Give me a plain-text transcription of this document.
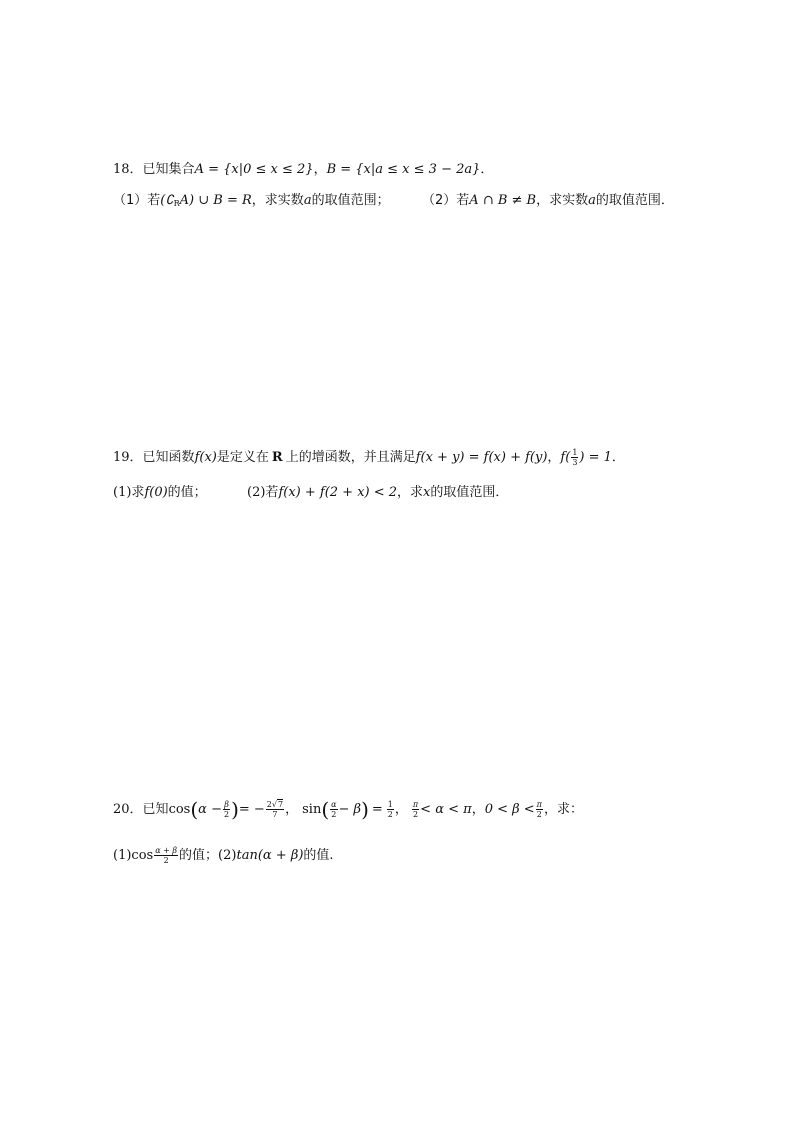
18．已知集合A = {x|0 ≤ x ≤ 2}，B = {x|a ≤ x ≤ 3 − 2a}．
（1）若$(∁_RA)$ ∪ B = R，求实数a的取值范围； （2）若A ∩ B ≠ B，求实数a的取值范围．
19．已知函数f(x)是定义在 R 上的增函数，并且满足f(x + y) = f(x) + f(y)，$f( \frac{1}{3}$ ) = 1．
(1)求f(0)的值；	(2)若f(x) + f(2 + x) < 2，求x的取值范围．
20．已知$\cos(\alpha - \frac{\beta}{2}$ )= − $\frac{2√7}{7}$ ， $\sin( \frac{\alpha}{2} - \beta) = \frac{1}{2}$ ， $\frac{\pi}{2} < \alpha < \pi$，$0 < \beta < \frac{\pi}{2}$ ，求：
$(1)\cos \frac{\alpha + \beta}{2}$ 的值；(2)tan(α + β)的值.
